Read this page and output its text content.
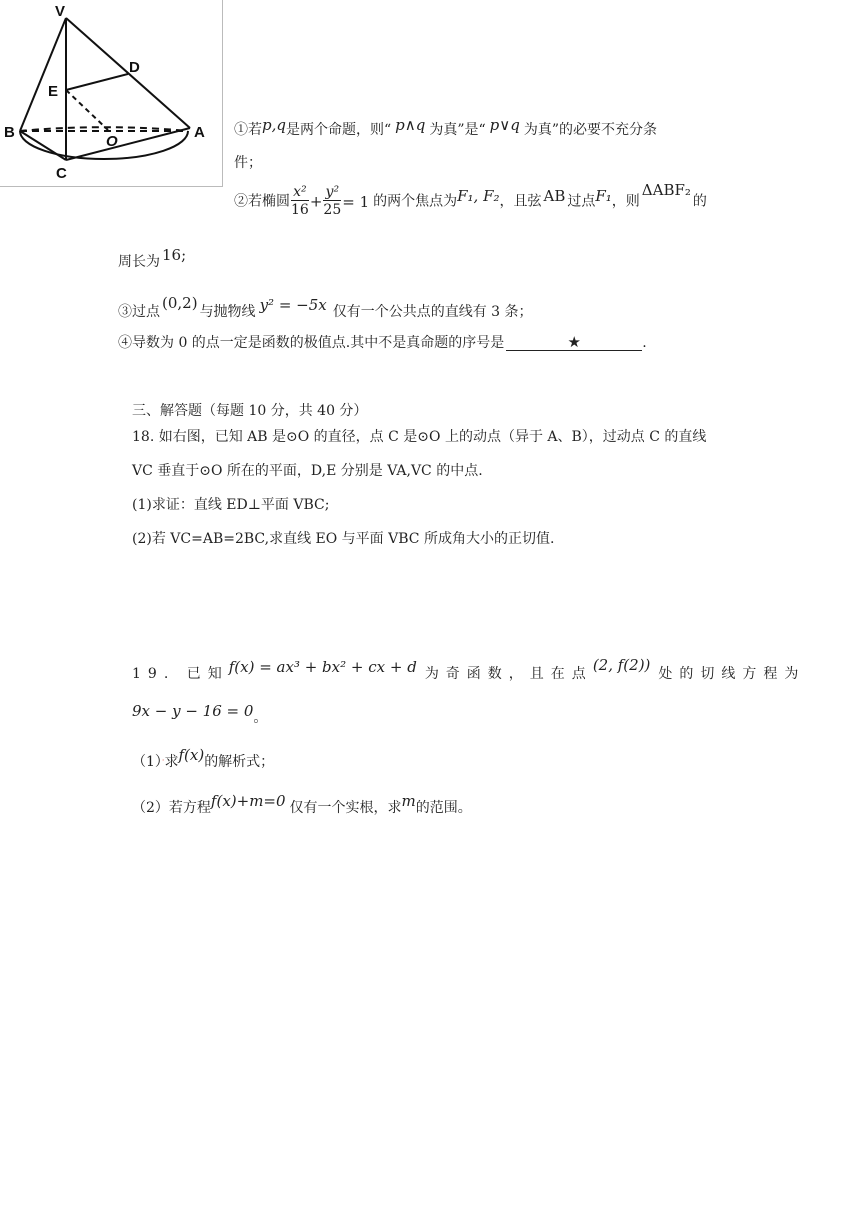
V
D
E
B
O
A
C
①若p,q是两个命题，则“ p∧q 为真”是“ p∨q 为真”的必要不充分条
件；
②若椭圆 $\frac{\text{x²}}{16} + \frac{\text{y²}}{25} = 1$ 的两个焦点为F₁, F₂，且弦 AB 过点F₁，则ΔABF₂的
周长为 16;
③过点 (0,2) 与抛物线 y² = −5x 仅有一个公共点的直线有 3 条；
④导数为 0 的点一定是函数的极值点.其中不是真命题的序号是	★	.
三、解答题（每题 10 分，共 40 分）
18. 如右图，已知 AB 是⊙O 的直径，点 C 是⊙O 上的动点（异于 A、B），过动点 C 的直线
VC 垂直于⊙O 所在的平面，D,E 分别是 VA,VC 的中点.
(1)求证：直线 ED⊥平面 VBC;
(2)若 VC=AB=2BC,求直线 EO 与平面 VBC 所成角大小的正切值.
19. 已知f(x) = ax³ + bx² + cx + d 为奇函数，且在点(2, f(2)) 处的切线方程为
9x − y − 16 = 0。
（1）·求f(x)的解析式；
（2）若方程f(x)+m=0 仅有一个实根，求m的范围。
